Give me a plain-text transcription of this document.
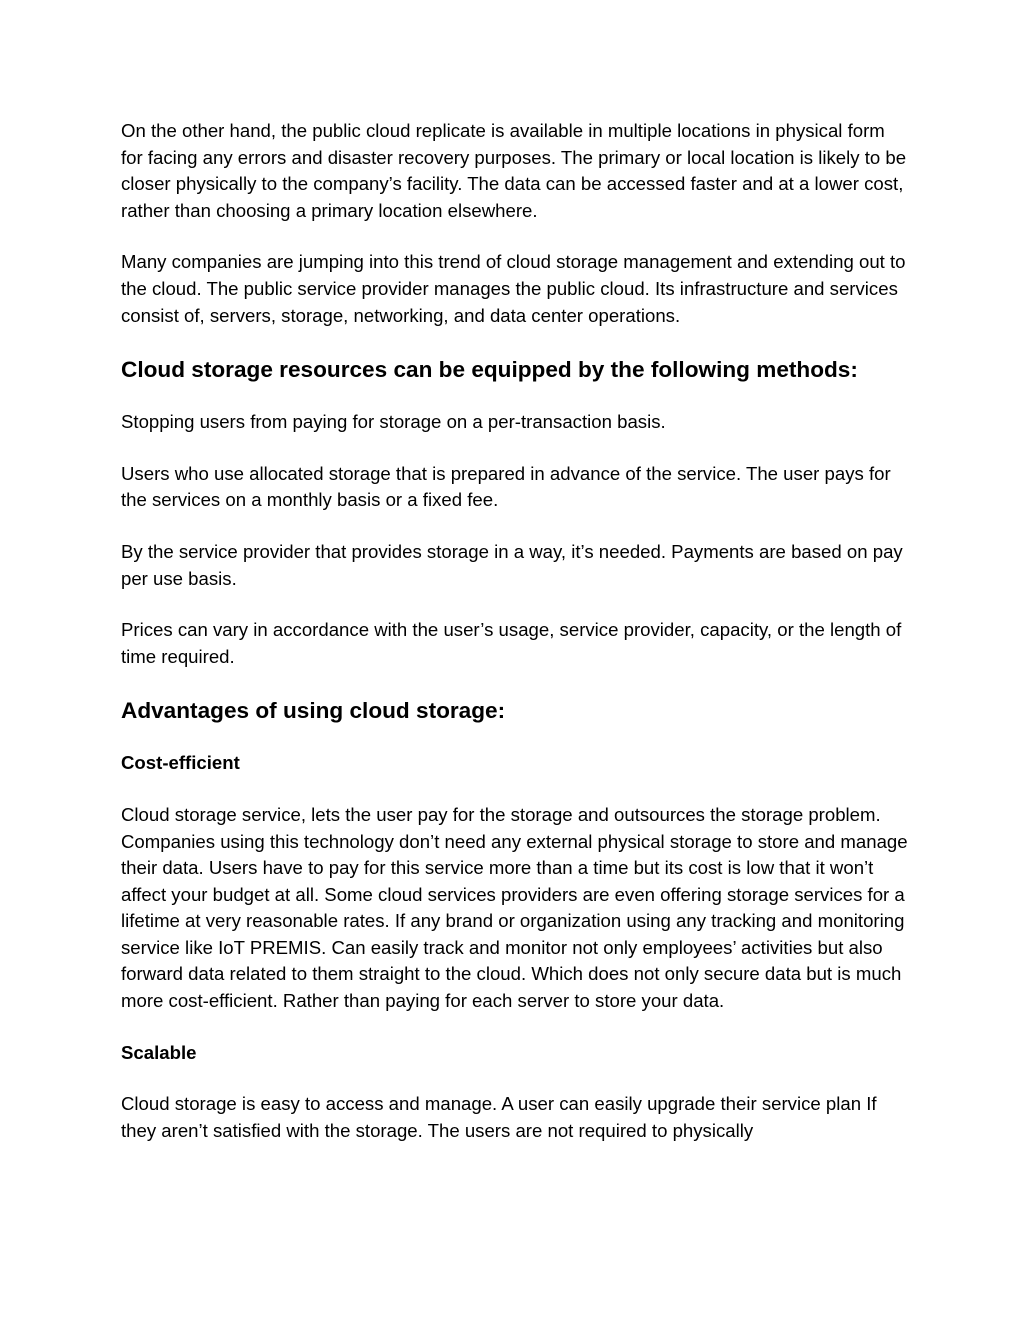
On the other hand, the public cloud replicate is available in multiple locations in physical form for facing any errors and disaster recovery purposes. The primary or local location is likely to be closer physically to the company’s facility. The data can be accessed faster and at a lower cost, rather than choosing a primary location elsewhere.

Many companies are jumping into this trend of cloud storage management and extending out to the cloud. The public service provider manages the public cloud. Its infrastructure and services consist of, servers, storage, networking, and data center operations.

Cloud storage resources can be equipped by the following methods:

Stopping users from paying for storage on a per-transaction basis.

Users who use allocated storage that is prepared in advance of the service. The user pays for the services on a monthly basis or a fixed fee.

By the service provider that provides storage in a way, it’s needed. Payments are based on pay per use basis.

Prices can vary in accordance with the user’s usage, service provider, capacity, or the length of time required.

Advantages of using cloud storage:
Cost-efficient

Cloud storage service, lets the user pay for the storage and outsources the storage problem. Companies using this technology don’t need any external physical storage to store and manage their data. Users have to pay for this service more than a time but its cost is low that it won’t affect your budget at all. Some cloud services providers are even offering storage services for a lifetime at very reasonable rates. If any brand or organization using any tracking and monitoring service like IoT PREMIS. Can easily track and monitor not only employees’ activities but also forward data related to them straight to the cloud. Which does not only secure data but is much more cost-efficient. Rather than paying for each server to store your data.

Scalable

Cloud storage is easy to access and manage. A user can easily upgrade their service plan If they aren’t satisfied with the storage. The users are not required to physically
